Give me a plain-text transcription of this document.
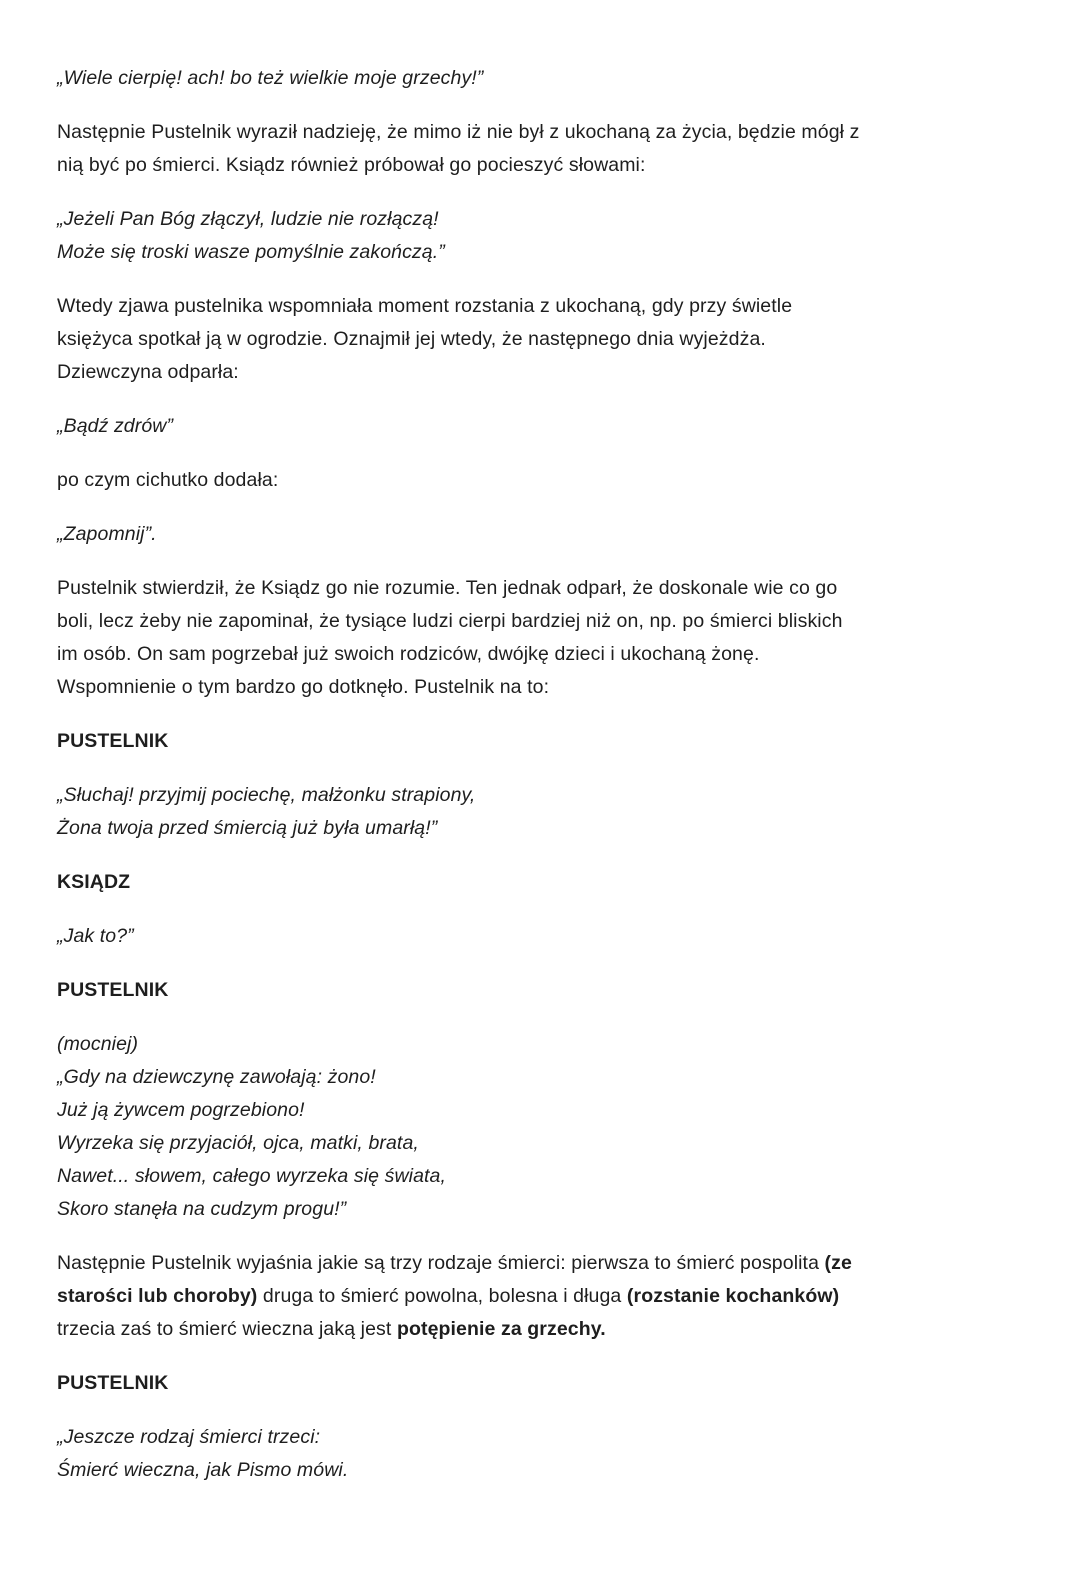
„Wiele cierpię! ach! bo też wielkie moje grzechy!”

Następnie Pustelnik wyraził nadzieję, że mimo iż nie był z ukochaną za życia, będzie mógł z
nią być po śmierci. Ksiądz również próbował go pocieszyć słowami:

„Jeżeli Pan Bóg złączył, ludzie nie rozłączą!
Może się troski wasze pomyślnie zakończą.”

Wtedy zjawa pustelnika wspomniała moment rozstania z ukochaną, gdy przy świetle
księżyca spotkał ją w ogrodzie. Oznajmił jej wtedy, że następnego dnia wyjeżdża.
Dziewczyna odparła:

„Bądź zdrów”

po czym cichutko dodała:

„Zapomnij”.

Pustelnik stwierdził, że Ksiądz go nie rozumie. Ten jednak odparł, że doskonale wie co go
boli, lecz żeby nie zapominał, że tysiące ludzi cierpi bardziej niż on, np. po śmierci bliskich
im osób. On sam pogrzebał już swoich rodziców, dwójkę dzieci i ukochaną żonę.
Wspomnienie o tym bardzo go dotknęło. Pustelnik na to:

PUSTELNIK

„Słuchaj! przyjmij pociechę, małżonku strapiony,
Żona twoja przed śmiercią już była umarłą!”

KSIĄDZ

„Jak to?”

PUSTELNIK

(mocniej)
„Gdy na dziewczynę zawołają: żono!
Już ją żywcem pogrzebiono!
Wyrzeka się przyjaciół, ojca, matki, brata,
Nawet... słowem, całego wyrzeka się świata,
Skoro stanęła na cudzym progu!”

Następnie Pustelnik wyjaśnia jakie są trzy rodzaje śmierci: pierwsza to śmierć pospolita (ze
starości lub choroby) druga to śmierć powolna, bolesna i długa (rozstanie kochanków)
trzecia zaś to śmierć wieczna jaką jest potępienie za grzechy.

PUSTELNIK

„Jeszcze rodzaj śmierci trzeci:
Śmierć wieczna, jak Pismo mówi.
